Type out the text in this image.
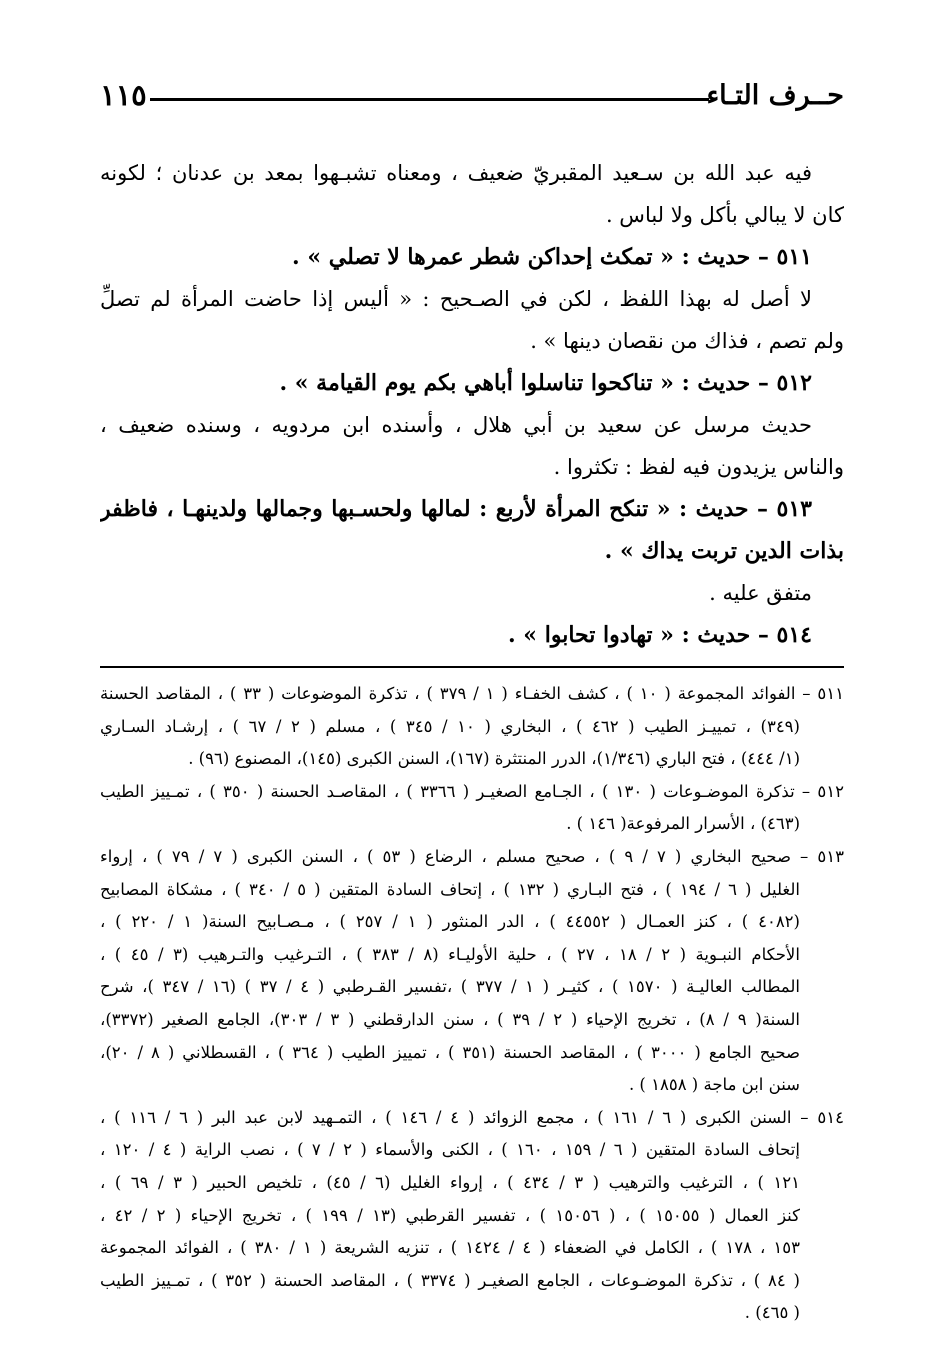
حــرف التـاء
١١٥
فيه عبد الله بن سـعيد المقبريّ ضعيف ، ومعناه تشبـهوا بمعد بن عدنان ؛ لكونه
كان لا يبالي بأكل ولا لباس .
٥١١ – حديث : « تمكث إحداكن شطر عمرها لا تصلي » .
لا أصل له بهذا اللفظ ، لكن في الصـحيح : « أليس إذا حاضت المرأة لم تصلِّ
ولم تصم ، فذاك من نقصان دينها » .
٥١٢ – حديث : « تناكحوا تناسلوا أباهي بكم يوم القيامة » .
حديث مرسل عن سعيد بن أبي هلال ، وأسنده ابن مردويه ، وسنده ضعيف ،
والناس يزيدون فيه لفظ : تكثروا .
٥١٣ – حديث : « تنكح المرأة لأربع : لمالها ولحسـبها وجمالها ولدينهـا ، فاظفر
بذات الدين تربت يداك » .
متفق عليه .
٥١٤ – حديث : « تهادوا تحابوا » .
٥١١ – الفوائد المجموعة ( ١٠ ) ، كشف الخفـاء ( ١ / ٣٧٩ ) ، تذكرة الموضوعات ( ٣٣ ) ، المقاصد الحسنة
(٣٤٩) ، تمييـز الطيب ( ٤٦٢ ) ، البخاري ( ١٠ / ٣٤٥ ) ، مسلم ( ٢ / ٦٧ ) ، إرشـاد السـاري
(١/ ٤٤٤) ، فتح الباري (١/٣٤٦)، الدرر المنتثرة (١٦٧)، السنن الكبرى (١٤٥)، المصنوع (٩٦) .
٥١٢ – تذكرة الموضـوعات ( ١٣٠ ) ، الجـامع الصغيـر ( ٣٣٦٦ ) ، المقاصـد الحسنة ( ٣٥٠ ) ، تمـييز الطيب
(٤٦٣) ، الأسرار المرفوعة( ١٤٦ ) .
٥١٣ – صحيح البخاري ( ٧ / ٩ ) ، صحيح مسلم ، الرضاع ( ٥٣ ) ، السنن الكبرى ( ٧ / ٧٩ ) ، إرواء
الغليل ( ٦ / ١٩٤ ) ، فتح البـاري ( ١٣٢ ) ، إتحاف السادة المتقين ( ٥ / ٣٤٠ ) ، مشكاة المصابيح
(٤٠٨٢ ) ، كنز العمـال ( ٤٤٥٥٢ ) ، الدر المنثور ( ١ / ٢٥٧ ) ، مـصـابيح السنة( ١ / ٢٢٠ ) ،
الأحكام النبـوية ( ٢ / ١٨ ، ٢٧ ) ، حلية الأوليـاء (٨ / ٣٨٣ ) ، التـرغيب والتـرهيب (٣ / ٤٥ ) ،
المطالب العاليـة ( ١٥٧٠ ) ، كثيـر ( ١ / ٣٧٧ ) ،تفسير القـرطبي ( ٤ / ٣٧ ) (١٦ / ٣٤٧ )، شرح
السنة( ٩ / ٨) ، تخريج الإحياء ( ٢ / ٣٩ ) ، سنن الدارقطني ( ٣ / ٣٠٣)، الجامع الصغير (٣٣٧٢)،
صحيح الجامع ( ٣٠٠٠ ) ، المقاصد الحسنة (٣٥١ ) ، تمييز الطيب ( ٣٦٤ ) ، القسطلاني ( ٨ / ٢٠)،
سنن ابن ماجة ( ١٨٥٨ ) .
٥١٤ – السنن الكبرى ( ٦ / ١٦١ ) ، مجمع الزوائد ( ٤ / ١٤٦ ) ، التمـهيد لابن عبد البر ( ٦ / ١١٦ ) ،
إتحاف السادة المتقين ( ٦ / ١٥٩ ، ١٦٠ ) ، الكنى والأسماء ( ٢ / ٧ ) ، نصب الراية ( ٤ / ١٢٠ ،
١٢١ ) ، الترغيب والترهيب ( ٣ / ٤٣٤ ) ، إرواء الغليل (٦ / ٤٥) ، تلخيص الحبير ( ٣ / ٦٩ ) ،
كنز العمال ( ١٥٠٥٥ ) ، ( ١٥٠٥٦ ) ، تفسير القرطبي (١٣ / ١٩٩ ) ، تخريج الإحياء ( ٢ / ٤٢ ،
١٥٣ ، ١٧٨ ) ، الكامل في الضعفاء ( ٤ / ١٤٢٤ ) ، تنزيه الشريعة ( ١ / ٣٨٠ ) ، الفوائد المجموعة
( ٨٤ ) ، تذكرة الموضـوعات ، الجامع الصغيـر ( ٣٣٧٤ ) ، المقاصد الحسنة ( ٣٥٢ ) ، تمـييز الطيب
( ٤٦٥) .
